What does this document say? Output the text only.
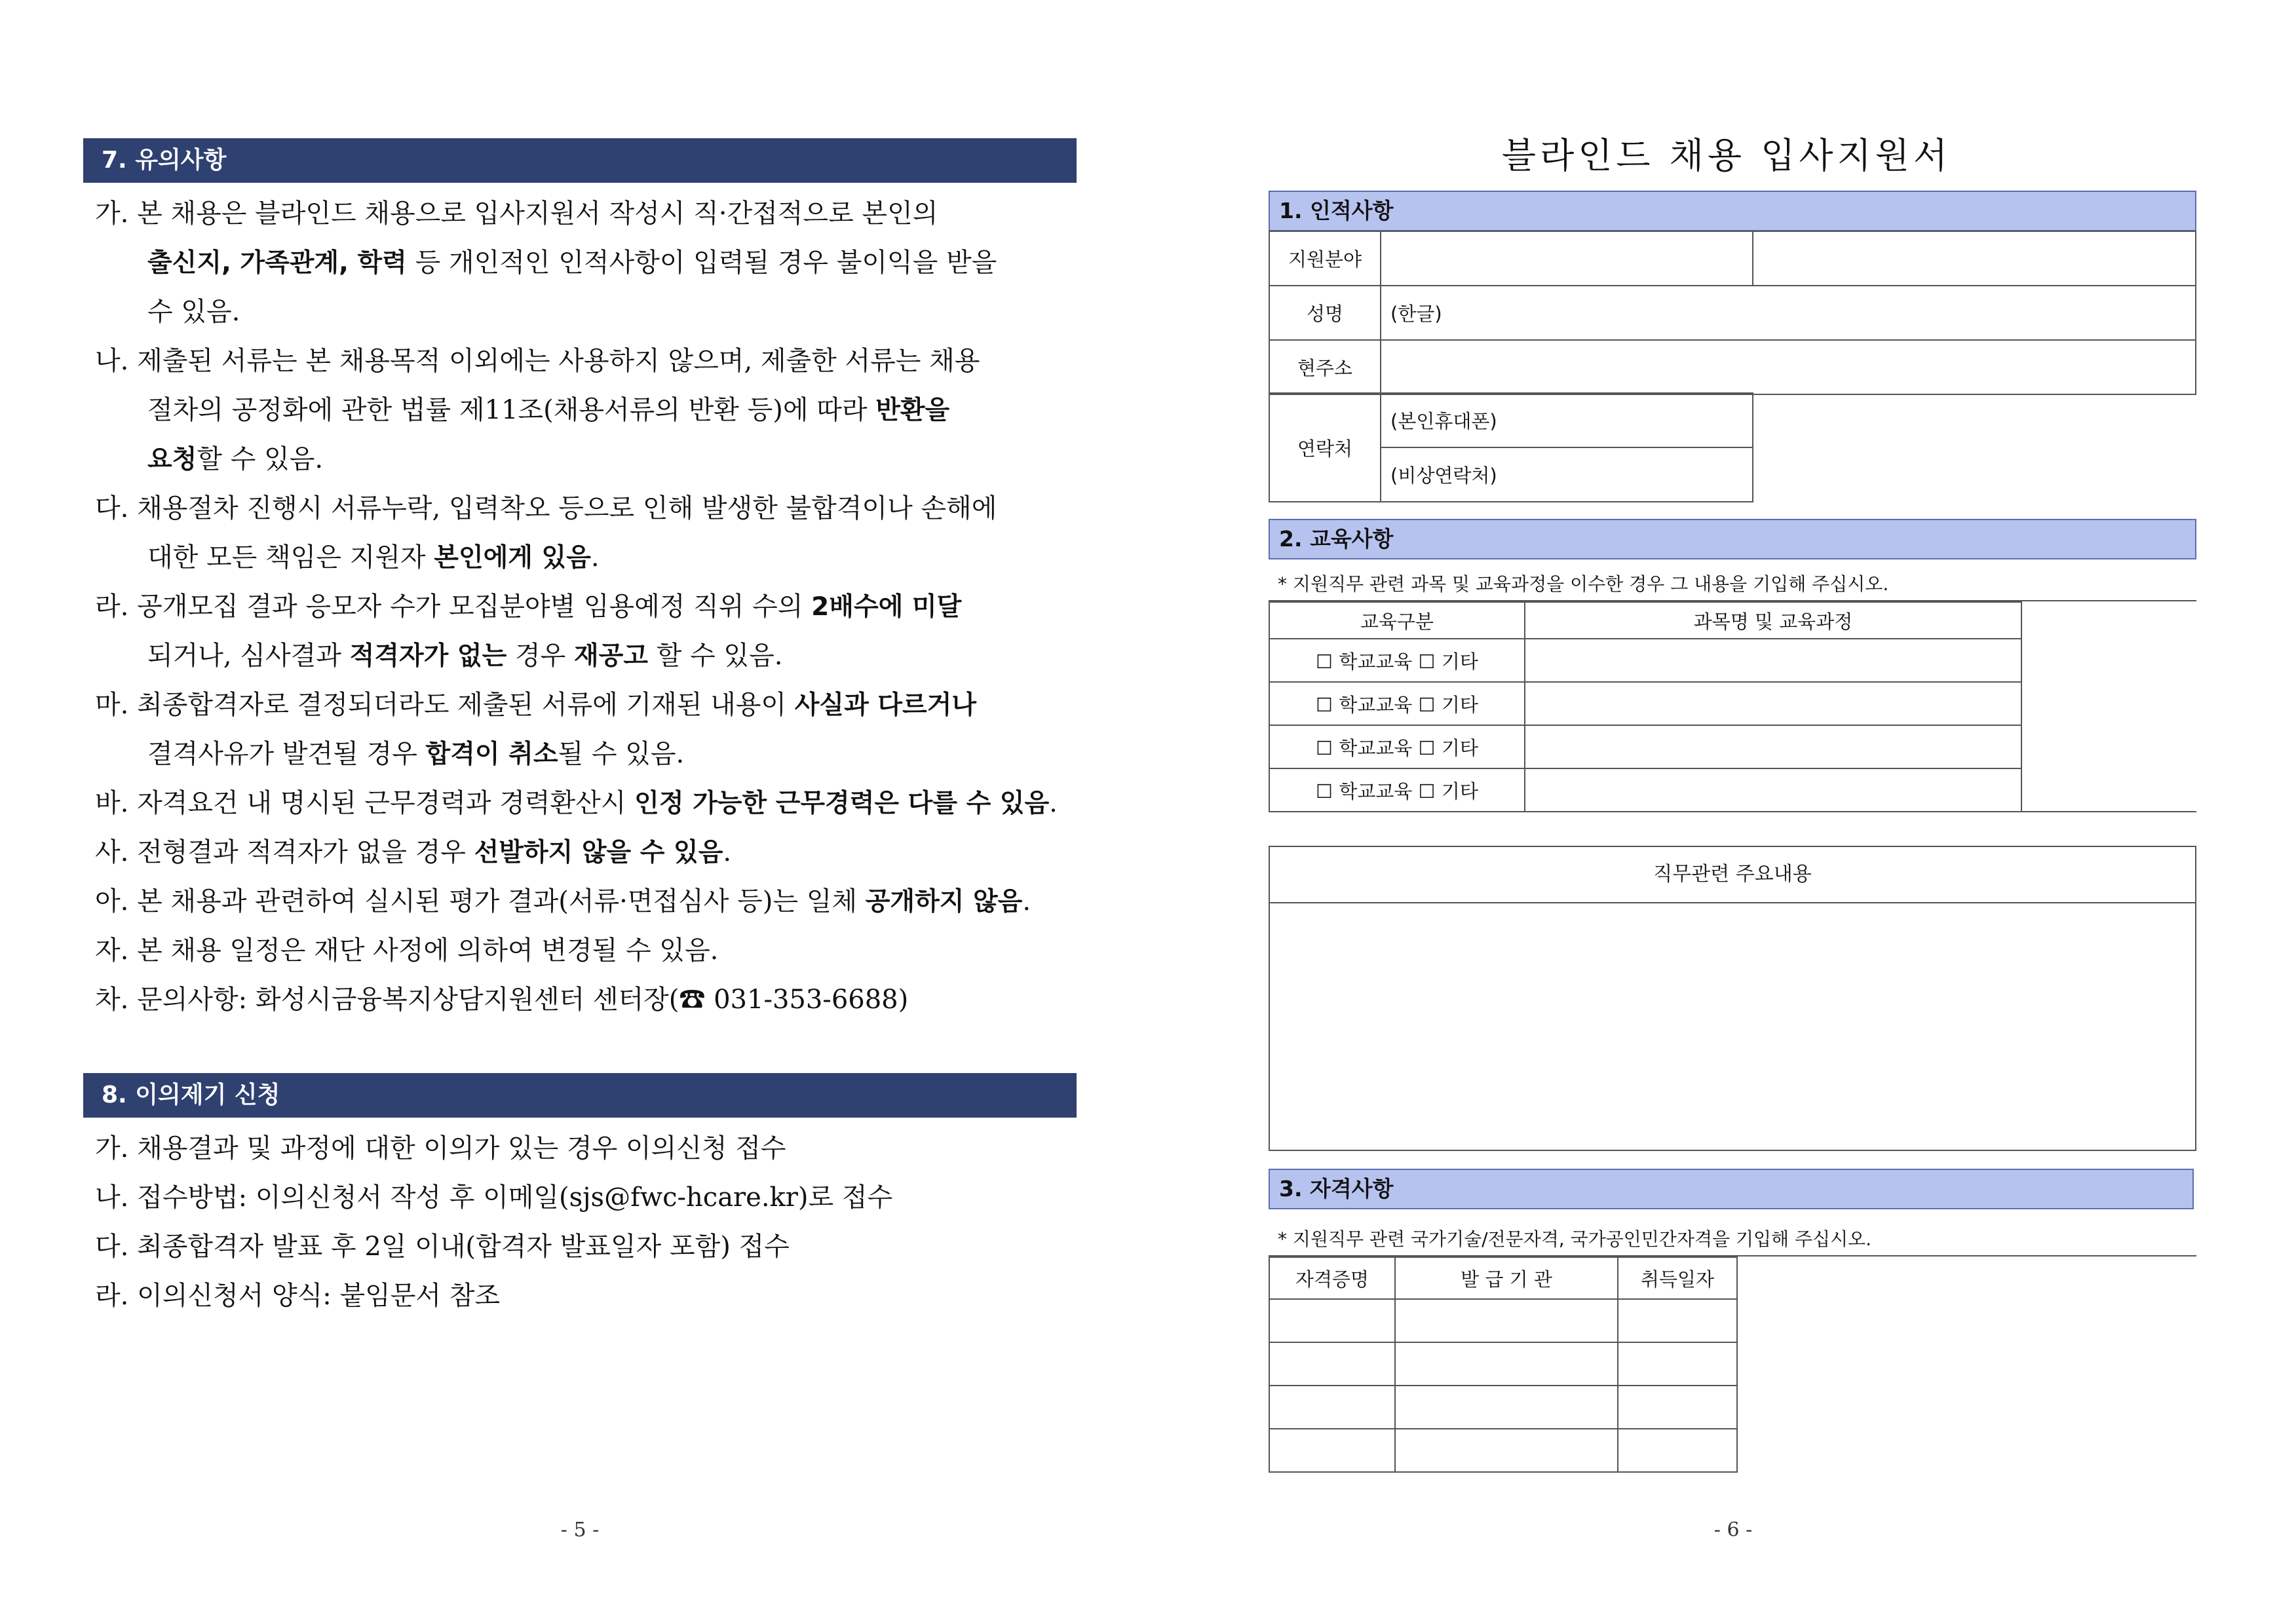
7. 유의사항
가. 본 채용은 블라인드 채용으로 입사지원서 작성시 직·간접적으로 본인의
출신지, 가족관계, 학력 등 개인적인 인적사항이 입력될 경우 불이익을 받을
수 있음.
나. 제출된 서류는 본 채용목적 이외에는 사용하지 않으며, 제출한 서류는 채용
절차의 공정화에 관한 법률 제11조(채용서류의 반환 등)에 따라 반환을
요청할 수 있음.
다. 채용절차 진행시 서류누락, 입력착오 등으로 인해 발생한 불합격이나 손해에
대한 모든 책임은 지원자 본인에게 있음.
라. 공개모집 결과 응모자 수가 모집분야별 임용예정 직위 수의 2배수에 미달
되거나, 심사결과 적격자가 없는 경우 재공고 할 수 있음.
마. 최종합격자로 결정되더라도 제출된 서류에 기재된 내용이 사실과 다르거나
결격사유가 발견될 경우 합격이 취소될 수 있음.
바. 자격요건 내 명시된 근무경력과 경력환산시 인정 가능한 근무경력은 다를 수 있음.
사. 전형결과 적격자가 없을 경우 선발하지 않을 수 있음.
아. 본 채용과 관련하여 실시된 평가 결과(서류·면접심사 등)는 일체 공개하지 않음.
자. 본 채용 일정은 재단 사정에 의하여 변경될 수 있음.
차. 문의사항: 화성시금융복지상담지원센터 센터장(☎ 031-353-6688)
8. 이의제기 신청
가. 채용결과 및 과정에 대한 이의가 있는 경우 이의신청 접수
나. 접수방법: 이의신청서 작성 후 이메일(sjs@fwc-hcare.kr)로 접수
다. 최종합격자 발표 후 2일 이내(합격자 발표일자 포함) 접수
라. 이의신청서 양식: 붙임문서 참조
- 5 -
블라인드 채용 입사지원서
1. 인적사항
지원분야		
성명	(한글)	
현주소		
연락처	(본인휴대폰)
(비상연락처)
2. 교육사항
* 지원직무 관련 과목 및 교육과정을 이수한 경우 그 내용을 기입해 주십시오.
교육구분	과목명 및 교육과정
☐ 학교교육 ☐ 기타	
☐ 학교교육 ☐ 기타	
☐ 학교교육 ☐ 기타	
☐ 학교교육 ☐ 기타	
직무관련 주요내용
3. 자격사항
* 지원직무 관련 국가기술/전문자격, 국가공인민간자격을 기입해 주십시오.
자격증명	발 급 기 관	취득일자

- 6 -
